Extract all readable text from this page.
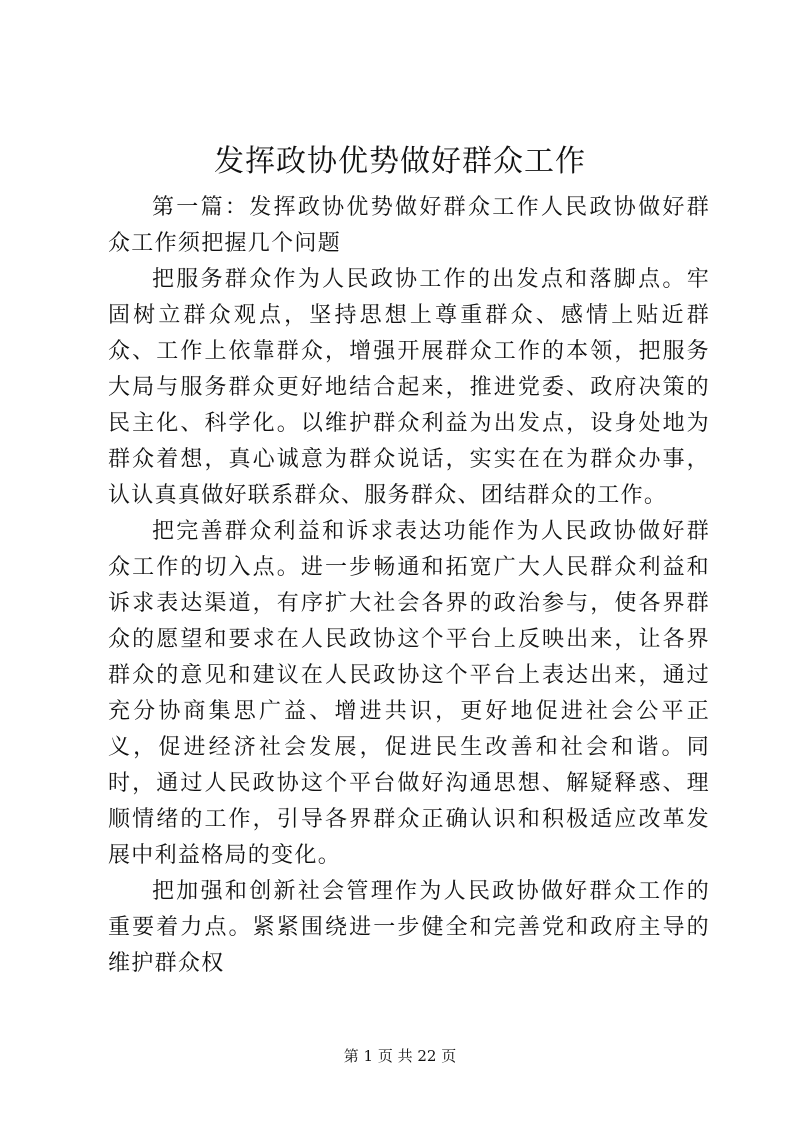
发挥政协优势做好群众工作

第一篇：发挥政协优势做好群众工作人民政协做好群众工作须把握几个问题

把服务群众作为人民政协工作的出发点和落脚点。牢固树立群众观点，坚持思想上尊重群众、感情上贴近群众、工作上依靠群众，增强开展群众工作的本领，把服务大局与服务群众更好地结合起来，推进党委、政府决策的民主化、科学化。以维护群众利益为出发点，设身处地为群众着想，真心诚意为群众说话，实实在在为群众办事，认认真真做好联系群众、服务群众、团结群众的工作。

把完善群众利益和诉求表达功能作为人民政协做好群众工作的切入点。进一步畅通和拓宽广大人民群众利益和诉求表达渠道，有序扩大社会各界的政治参与，使各界群众的愿望和要求在人民政协这个平台上反映出来，让各界群众的意见和建议在人民政协这个平台上表达出来，通过充分协商集思广益、增进共识，更好地促进社会公平正义，促进经济社会发展，促进民生改善和社会和谐。同时，通过人民政协这个平台做好沟通思想、解疑释惑、理顺情绪的工作，引导各界群众正确认识和积极适应改革发展中利益格局的变化。

把加强和创新社会管理作为人民政协做好群众工作的重要着力点。紧紧围绕进一步健全和完善党和政府主导的维护群众权

第 1 页 共 22 页
